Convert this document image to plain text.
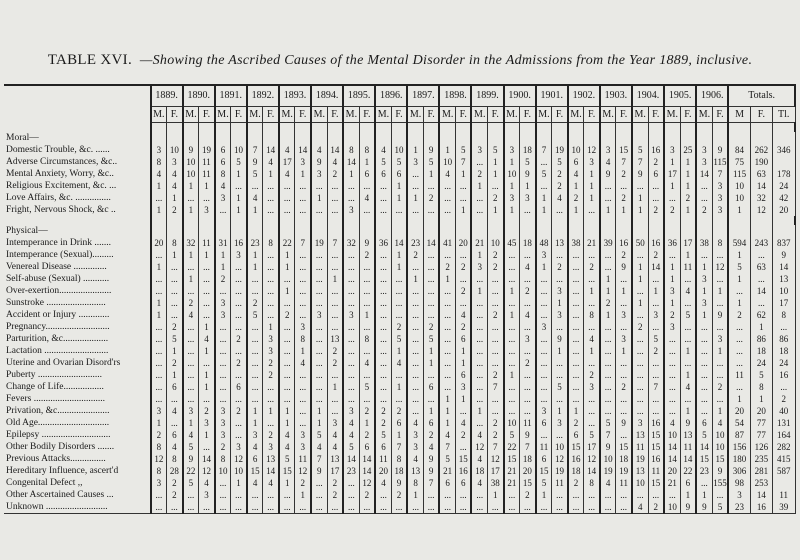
TABLE XVI. —Showing the Ascribed Causes of the Mental Disorder in the Admissions from the Year 1889, inclusive.
	1889.		1890.		1891.		1892.		1893.		1894.		1895.		1896.		1897.		1898.		1899.		1900.		1901.		1902.		1903.		1904.		1905.		1906.		Totals.		
	M.	F.	M.	F.	M.	F.	M.	F.	M.	F.	M.	F.	M.	F.	M.	F.	M.	F.	M.	F.	M.	F.	M.	F.	M.	F.	M.	F.	M.	F.	M.	F.	M.	F.	M.	F.	M	F.	Tl.

Moral—																																							
Domestic Trouble, &c. ......	3	10	9	19	6	10	7	14	4	14	4	14	8	8	4	10	1	9	1	5	3	5	3	18	7	19	10	12	3	15	5	16	3	25	3	9	84	262	346
Adverse Circumstances, &c..	8	3	10	11	6	5	9	4	17	3	9	4	14	1	5	5	3	5	10	7	...	1	1	5	...	5	6	3	4	7	7	2	1	1	3	115	75	190	
Mental Anxiety, Worry, &c..	4	4	10	11	8	1	5	1	4	1	3	2	1	6	6	6	...	1	4	1	2	1	10	9	5	2	4	1	9	2	9	6	17	1	14	7	115	63	178
Religious Excitement, &c. ...	1	4	1	1	4	...	...	...	...	...	...	...	...	...	...	1	...	...	...	...	1	...	1	1	...	2	1	1	...	...	...	...	1	1	...	3	10	14	24
Love Affairs, &c. ...............	...	1	...	...	3	1	4	...	...	...	1	...	...	4	...	1	1	2	...	...	...	2	3	3	1	4	2	1	...	2	1	...	...	2	...	3	10	32	42
Fright, Nervous Shock, &c ..	1	2	1	3	...	1	1	...	...	...	...	...	3	...	...	...	...	...	...	1	...	1	1	...	1	...	1	...	1	1	1	2	2	1	2	3	1	12	20

Physical—																																							
Intemperance in Drink .......	20	8	32	11	31	16	23	8	22	7	19	7	32	9	36	14	23	14	41	20	21	10	45	18	48	13	38	21	39	16	50	16	36	17	38	8	594	243	837
Intemperance (Sexual).........	...	1	1	1	1	3	1	...	1	...	...	...	...	2	...	1	2	...	...	...	1	2	...	...	3	...	...	...	...	2	...	2	...	1	...	...	1	...	9
Venereal Disease ..............	1	...	...	...	1	...	1	...	1	...	...	...	...	...	...	1	...	...	2	2	3	2	...	4	1	2	...	2	...	9	1	14	1	11	1	12	5	63	14
Self-abuse (Sexual) ...........	...	...	1	...	2	...	...	...	...	...	...	1	...	...	...	...	1	...	1	...	...	...	...	...	...	...	...	...	1	...	1	...	1	...	3	...	1	...	13
Over-exertion......................	...	...	...	...	...	...	...	...	1	...	...	...	...	...	...	...	...	...	...	2	1	...	1	2	...	3	...	1	1	1	...	1	3	4	1	1	...	14	10
Sunstroke .........................	1	...	2	...	3	...	2	...	...	...	...	...	...	...	...	...	...	...	...	...	...	...	...	...	...	1	...	...	2	...	1	...	1	...	3	...	1	...	17
Accident or Injury .............	1	...	4	...	3	...	5	...	2	...	3	...	3	1	...	...	...	...	...	4	...	2	1	4	...	3	...	8	1	3	...	3	2	5	1	9	2	62	8
Pregnancy...........................	...	2	...	1	...	...	...	1	...	3	...	...	...	...	...	2	...	2	...	2	...	...	...	...	3	...	...	...	...	...	2	...	3	...	...	...	...	1	...
Parturition, &c...................	...	5	...	4	...	2	...	3	...	8	...	13	...	8	...	5	...	5	...	6	...	...	...	3	...	9	...	4	...	3	...	5	...	...	...	3	...	86	86
Lactation ...........................	...	1	...	1	...	...	...	3	...	1	...	2	...	...	...	1	...	1	...	1	...	...	...	...	...	1	...	1	...	1	...	2	...	1	...	1	...	18	18
Uterine and Ovarian Disord'rs	...	2	...	...	...	2	...	2	...	4	...	2	...	4	...	4	...	1	...	1	...	...	...	2	...	...	...	...	...	...	...	...	...	...	...	...	...	24	24
Puberty ...........................	...	1	...	1	...	...	...	2	...	...	...	...	...	...	...	...	...	...	...	6	...	2	1	...	...	...	...	2	...	...	...	...	...	1	...	...	11	5	16
Change of Life.................	...	6	...	1	...	6	...	...	...	...	...	1	...	5	...	1	...	6	...	3	...	7	...	...	...	5	...	3	...	2	...	7	...	4	...	2	...	8	...
Fevers ..............................	...	...	...	...	...	...	...	...	...	...	...	...	...	...	...	...	...	...	1	1	...	...	...	...	...	...	...	...	...	...	...	...	...	...	...	...	1	1	2
Privation, &c......................	3	4	3	2	3	2	1	1	1	...	1	...	3	2	2	2	...	1	1	...	1	...	...	...	3	1	1	...	...	...	...	...	...	1	...	1	20	20	40
Old Age..............................	1	...	1	3	3	...	1	...	1	...	1	3	4	1	2	6	4	6	1	4	...	2	10	11	6	3	2	...	5	9	3	16	4	9	6	4	54	77	131
Epilepsy .............................	2	6	4	1	3	...	3	2	4	3	5	4	4	2	5	1	3	2	4	2	4	2	5	9	...	...	6	5	7	...	13	15	10	13	5	10	87	77	164
Other Bodily Disorders .......	8	4	5	...	2	3	4	3	4	3	4	4	5	6	6	7	3	4	7	...	12	7	22	7	11	10	15	17	9	15	11	15	14	11	14	10	156	126	282
Previous Attacks...............	12	8	9	14	8	12	6	13	5	11	7	13	14	14	11	8	4	9	5	15	4	12	15	18	6	12	16	12	10	18	19	16	14	14	15	15	180	235	415
Hereditary Influence, ascert'd	8	28	22	12	10	10	15	14	15	12	9	17	23	14	20	18	13	9	21	16	18	17	21	20	15	19	18	14	19	19	13	11	20	22	23	9	306	281	587
Congenital Defect ,,	3	2	5	4	...	1	4	4	1	2	...	2	...	12	4	9	8	7	6	6	4	38	21	15	5	11	2	8	4	11	10	15	21	6	...	155	98	253	
Other Ascertained Causes ...	...	2	...	3	...	...	...	...	...	1	...	2	...	2	...	2	1	...	...	...	...	1	...	2	1	...	...	...	...	...	...	...	...	1	1	...	3	14	11
Unknown ..........................	...	...	...	...	...	...	...	...	...	...	...	...	...	...	...	...	...	...	...	...	...	...	...	...	...	...	...	...	...	...	4	2	10	9	9	5	23	16	39
